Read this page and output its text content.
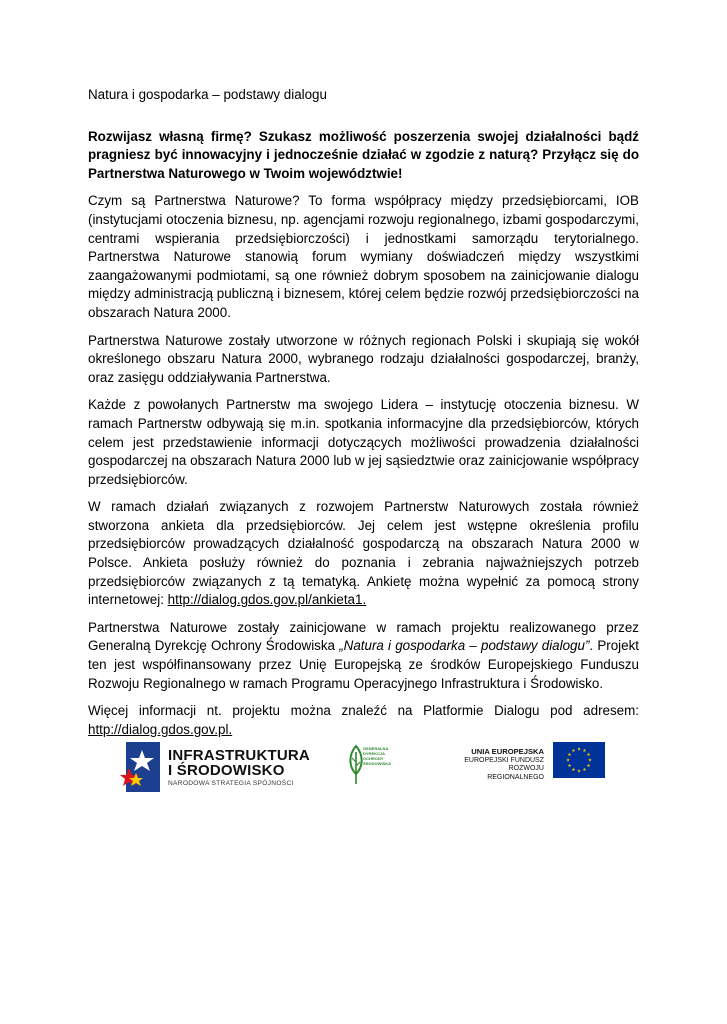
Natura i gospodarka – podstawy dialogu

Rozwijasz własną firmę? Szukasz możliwość poszerzenia swojej działalności bądź pragniesz być innowacyjny i jednocześnie działać w zgodzie z naturą? Przyłącz się do Partnerstwa Naturowego w Twoim województwie!

Czym są Partnerstwa Naturowe? To forma współpracy między przedsiębiorcami, IOB (instytucjami otoczenia biznesu, np. agencjami rozwoju regionalnego, izbami gospodarczymi, centrami wspierania przedsiębiorczości) i jednostkami samorządu terytorialnego. Partnerstwa Naturowe stanowią forum wymiany doświadczeń między wszystkimi zaangażowanymi podmiotami, są one również dobrym sposobem na zainicjowanie dialogu między administracją publiczną i biznesem, której celem będzie rozwój przedsiębiorczości na obszarach Natura 2000.

Partnerstwa Naturowe zostały utworzone w różnych regionach Polski i skupiają się wokół określonego obszaru Natura 2000, wybranego rodzaju działalności gospodarczej, branży, oraz zasięgu oddziaływania Partnerstwa.

Każde z powołanych Partnerstw ma swojego Lidera – instytucję otoczenia biznesu. W ramach Partnerstw odbywają się m.in. spotkania informacyjne dla przedsiębiorców, których celem jest przedstawienie informacji dotyczących możliwości prowadzenia działalności gospodarczej na obszarach Natura 2000 lub w jej sąsiedztwie oraz zainicjowanie współpracy przedsiębiorców.

W ramach działań związanych z rozwojem Partnerstw Naturowych została również stworzona ankieta dla przedsiębiorców. Jej celem jest wstępne określenia profilu przedsiębiorców prowadzących działalność gospodarczą na obszarach Natura 2000 w Polsce. Ankieta posłuży również do poznania i zebrania najważniejszych potrzeb przedsiębiorców związanych z tą tematyką. Ankietę można wypełnić za pomocą strony internetowej: http://dialog.gdos.gov.pl/ankieta1.

Partnerstwa Naturowe zostały zainicjowane w ramach projektu realizowanego przez Generalną Dyrekcję Ochrony Środowiska „Natura i gospodarka – podstawy dialogu”. Projekt ten jest współfinansowany przez Unię Europejską ze środków Europejskiego Funduszu Rozwoju Regionalnego w ramach Programu Operacyjnego Infrastruktura i Środowisko.

Więcej informacji nt. projektu można znaleźć na Platformie Dialogu pod adresem: http://dialog.gdos.gov.pl.

INFRASTRUKTURA
I ŚRODOWISKO
NARODOWA STRATEGIA SPÓJNOŚCI
GENERALNA
DYREKCJA
OCHRONY
ŚRODOWISKA
UNIA EUROPEJSKA
EUROPEJSKI FUNDUSZ
ROZWOJU REGIONALNEGO
